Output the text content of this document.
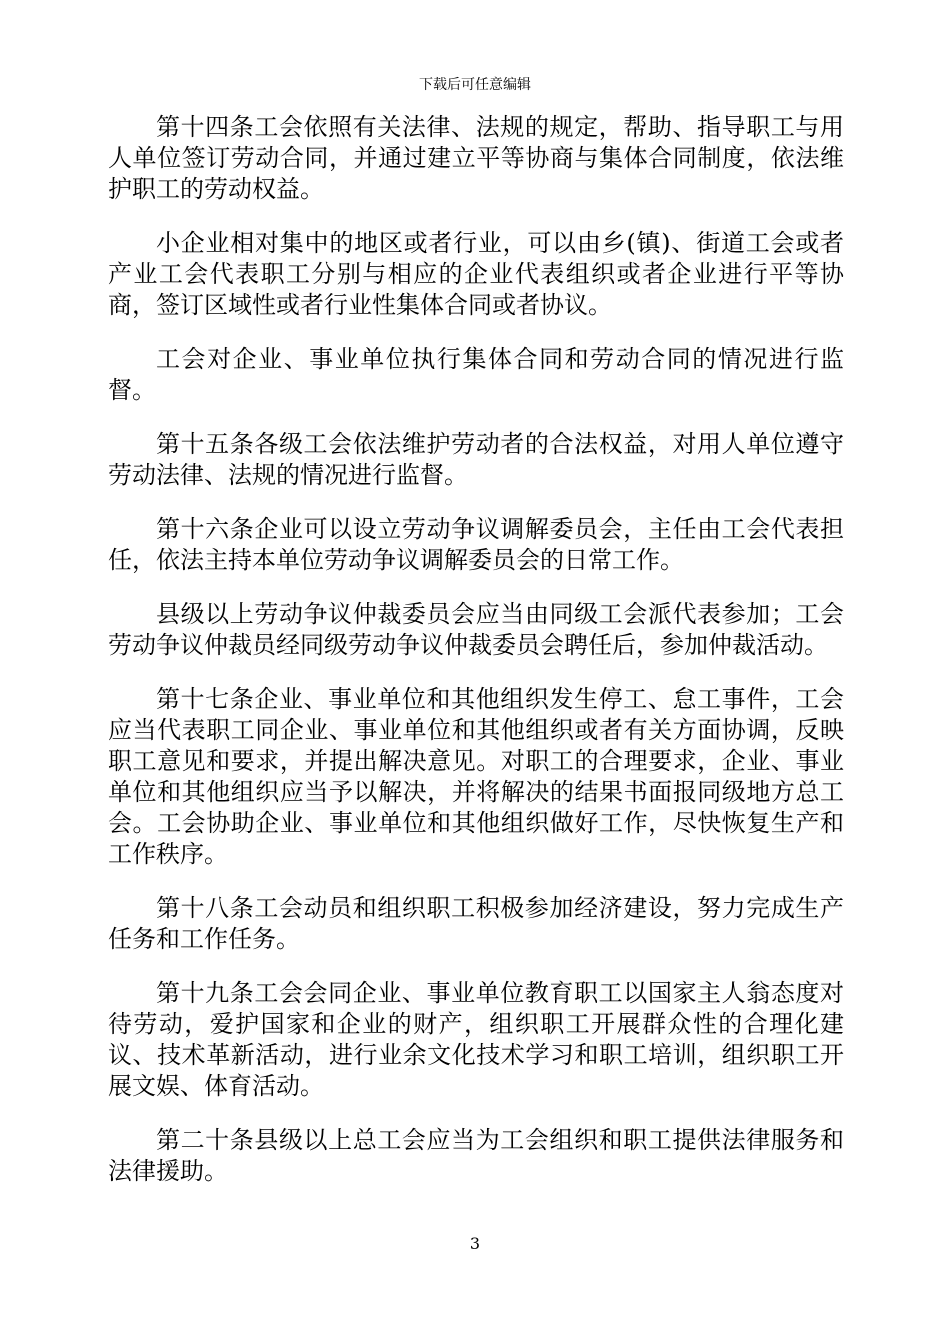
下载后可任意编辑

第十四条工会依照有关法律、法规的规定，帮助、指导职工与用人单位签订劳动合同，并通过建立平等协商与集体合同制度，依法维护职工的劳动权益。

小企业相对集中的地区或者行业，可以由乡(镇)、街道工会或者产业工会代表职工分别与相应的企业代表组织或者企业进行平等协商，签订区域性或者行业性集体合同或者协议。

工会对企业、事业单位执行集体合同和劳动合同的情况进行监督。

第十五条各级工会依法维护劳动者的合法权益，对用人单位遵守劳动法律、法规的情况进行监督。

第十六条企业可以设立劳动争议调解委员会，主任由工会代表担任，依法主持本单位劳动争议调解委员会的日常工作。

县级以上劳动争议仲裁委员会应当由同级工会派代表参加；工会劳动争议仲裁员经同级劳动争议仲裁委员会聘任后，参加仲裁活动。

第十七条企业、事业单位和其他组织发生停工、怠工事件，工会应当代表职工同企业、事业单位和其他组织或者有关方面协调，反映职工意见和要求，并提出解决意见。对职工的合理要求，企业、事业单位和其他组织应当予以解决，并将解决的结果书面报同级地方总工会。工会协助企业、事业单位和其他组织做好工作，尽快恢复生产和工作秩序。

第十八条工会动员和组织职工积极参加经济建设，努力完成生产任务和工作任务。

第十九条工会会同企业、事业单位教育职工以国家主人翁态度对待劳动，爱护国家和企业的财产，组织职工开展群众性的合理化建议、技术革新活动，进行业余文化技术学习和职工培训，组织职工开展文娱、体育活动。

第二十条县级以上总工会应当为工会组织和职工提供法律服务和法律援助。

3
